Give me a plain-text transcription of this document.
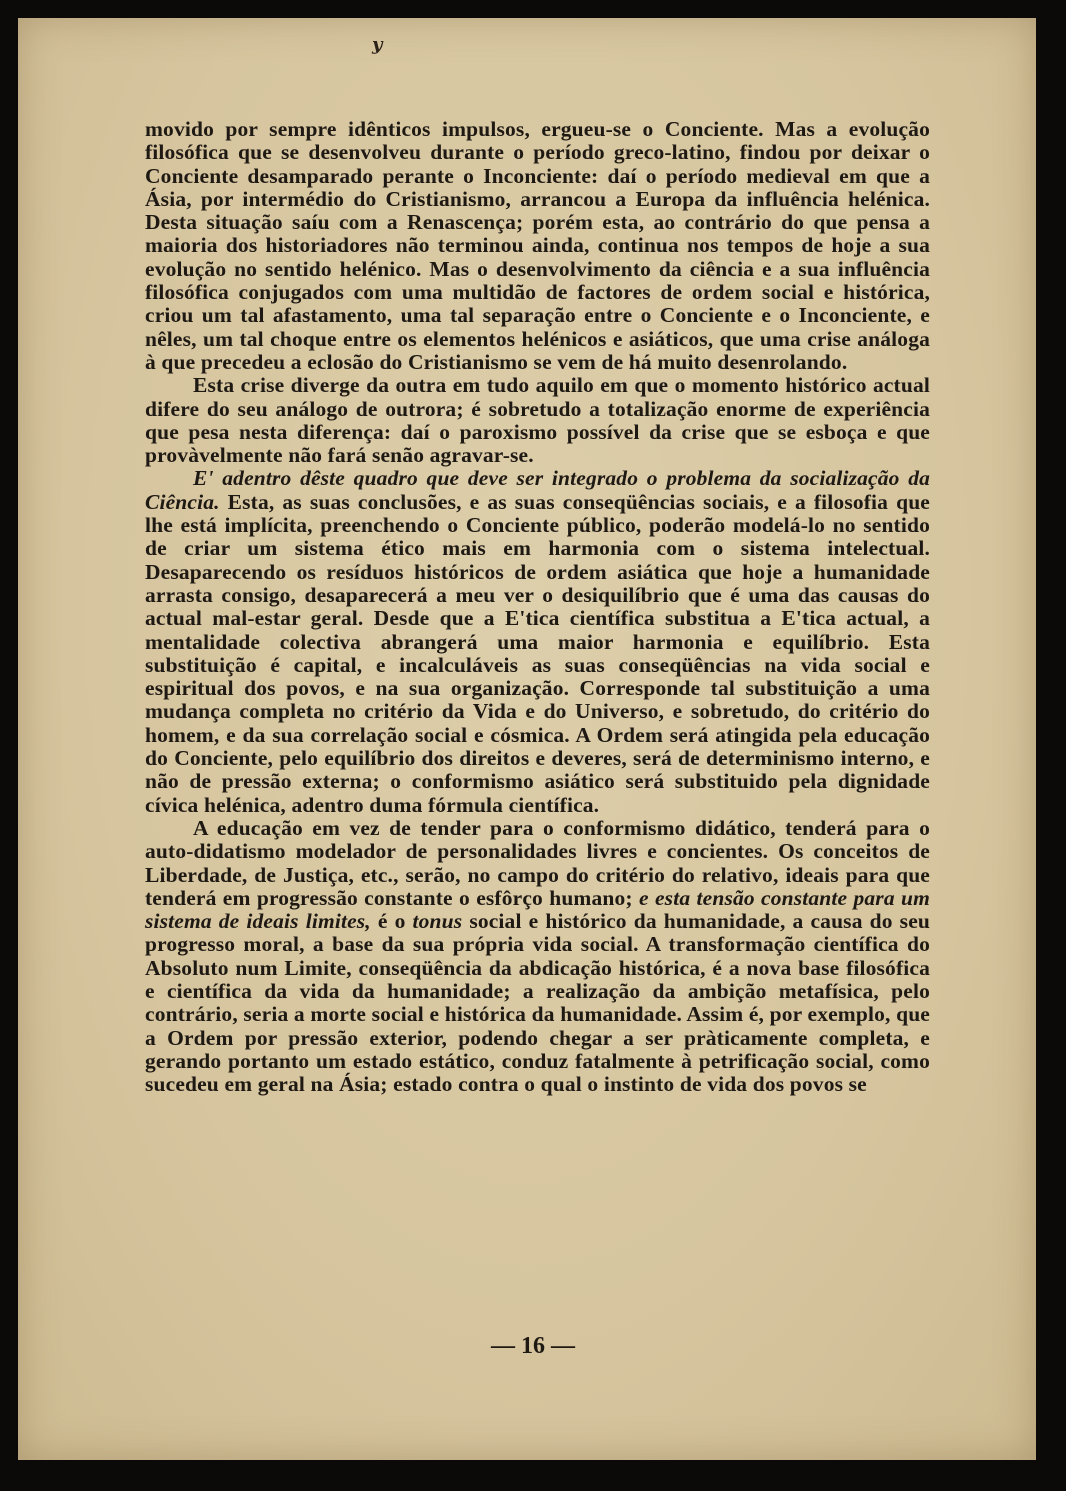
y

movido por sempre idênticos impulsos, ergueu-se o Conciente. Mas a evolução filosófica que se desenvolveu durante o período greco-latino, findou por deixar o Conciente desamparado perante o Inconciente: daí o período medieval em que a Ásia, por intermédio do Cristianismo, arrancou a Europa da influência helénica. Desta situação saíu com a Renascença; porém esta, ao contrário do que pensa a maioria dos historiadores não terminou ainda, continua nos tempos de hoje a sua evolução no sentido helénico. Mas o desenvolvimento da ciência e a sua influência filosófica conjugados com uma multidão de factores de ordem social e histórica, criou um tal afastamento, uma tal separação entre o Conciente e o Inconciente, e nêles, um tal choque entre os elementos helénicos e asiáticos, que uma crise análoga à que precedeu a eclosão do Cristianismo se vem de há muito desenrolando.

Esta crise diverge da outra em tudo aquilo em que o momento histórico actual difere do seu análogo de outrora; é sobretudo a totalização enorme de experiência que pesa nesta diferença: daí o paroxismo possível da crise que se esboça e que provàvelmente não fará senão agravar-se.

E' adentro dêste quadro que deve ser integrado o problema da socialização da Ciência. Esta, as suas conclusões, e as suas conseqüências sociais, e a filosofia que lhe está implícita, preenchendo o Conciente público, poderão modelá-lo no sentido de criar um sistema ético mais em harmonia com o sistema intelectual. Desaparecendo os resíduos históricos de ordem asiática que hoje a humanidade arrasta consigo, desaparecerá a meu ver o desiquilíbrio que é uma das causas do actual mal-estar geral. Desde que a E'tica científica substitua a E'tica actual, a mentalidade colectiva abrangerá uma maior harmonia e equilíbrio. Esta substituição é capital, e incalculáveis as suas conseqüências na vida social e espiritual dos povos, e na sua organização. Corresponde tal substituição a uma mudança completa no critério da Vida e do Universo, e sobretudo, do critério do homem, e da sua correlação social e cósmica. A Ordem será atingida pela educação do Conciente, pelo equilíbrio dos direitos e deveres, será de determinismo interno, e não de pressão externa; o conformismo asiático será substituido pela dignidade cívica helénica, adentro duma fórmula científica.

A educação em vez de tender para o conformismo didático, tenderá para o auto-didatismo modelador de personalidades livres e concientes. Os conceitos de Liberdade, de Justiça, etc., serão, no campo do critério do relativo, ideais para que tenderá em progressão constante o esfôrço humano; e esta tensão constante para um sistema de ideais limites, é o tonus social e histórico da humanidade, a causa do seu progresso moral, a base da sua própria vida social. A transformação científica do Absoluto num Limite, conseqüência da abdicação histórica, é a nova base filosófica e científica da vida da humanidade; a realização da ambição metafísica, pelo contrário, seria a morte social e histórica da humanidade. Assim é, por exemplo, que a Ordem por pressão exterior, podendo chegar a ser pràticamente completa, e gerando portanto um estado estático, conduz fatalmente à petrificação social, como sucedeu em geral na Ásia; estado contra o qual o instinto de vida dos povos se

— 16 —
